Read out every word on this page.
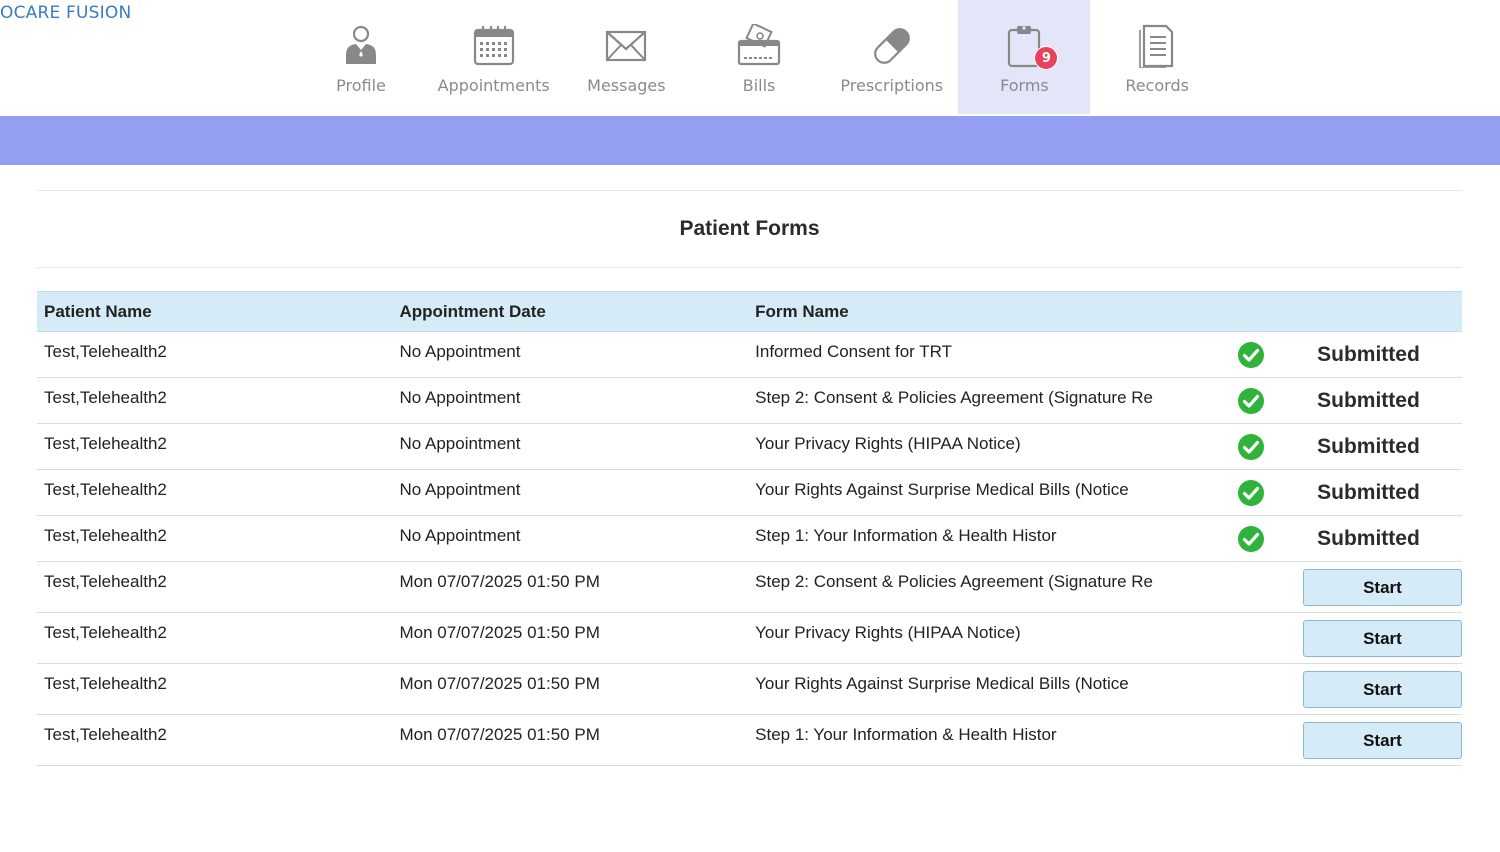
OCARE FUSION
Profile	Appointments Messages	Bills	Prescriptions
9
Forms	Records
Patient Forms
Patient Name	Appointment Date	Form Name		

Test,Telehealth2	No Appointment	Informed Consent for TRT		Submitted

Test,Telehealth2	No Appointment	Step 2: Consent & Policies Agreement (Signature Re		Submitted

Test,Telehealth2	No Appointment	Your Privacy Rights (HIPAA Notice)		Submitted

Test,Telehealth2	No Appointment	Your Rights Against Surprise Medical Bills (Notice		Submitted

Test,Telehealth2	No Appointment	Step 1: Your Information & Health Histor		Submitted

Test,Telehealth2	Mon 07/07/2025 01:50 PM	Step 2: Consent & Policies Agreement (Signature Re		Start

Test,Telehealth2	Mon 07/07/2025 01:50 PM	Your Privacy Rights (HIPAA Notice)		Start

Test,Telehealth2	Mon 07/07/2025 01:50 PM	Your Rights Against Surprise Medical Bills (Notice		Start

Test,Telehealth2	Mon 07/07/2025 01:50 PM	Step 1: Your Information & Health Histor		Start
